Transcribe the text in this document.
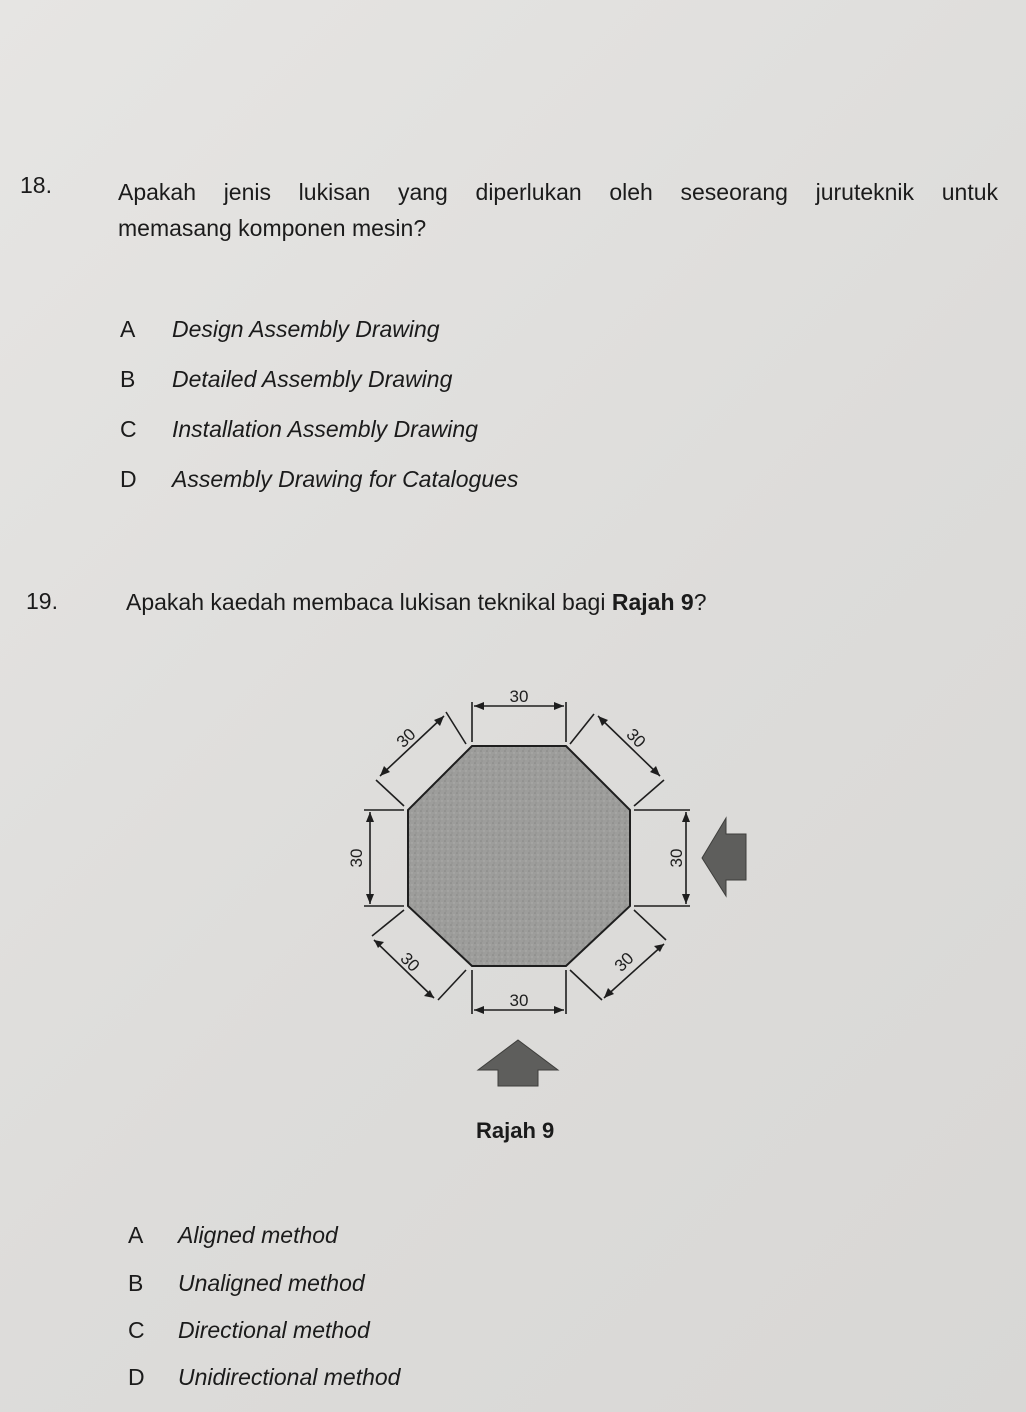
18.	Apakah jenis lukisan yang diperlukan oleh seseorang juruteknik untuk
memasang komponen mesin?
A	Design Assembly Drawing
B	Detailed Assembly Drawing
C	Installation Assembly Drawing
D	Assembly Drawing for Catalogues
19.	Apakah kaedah membaca lukisan teknikal bagi Rajah 9?
30
30
30	30
30	30
30	30
Rajah 9
A	Aligned method
B	Unaligned method
C	Directional method
D	Unidirectional method
